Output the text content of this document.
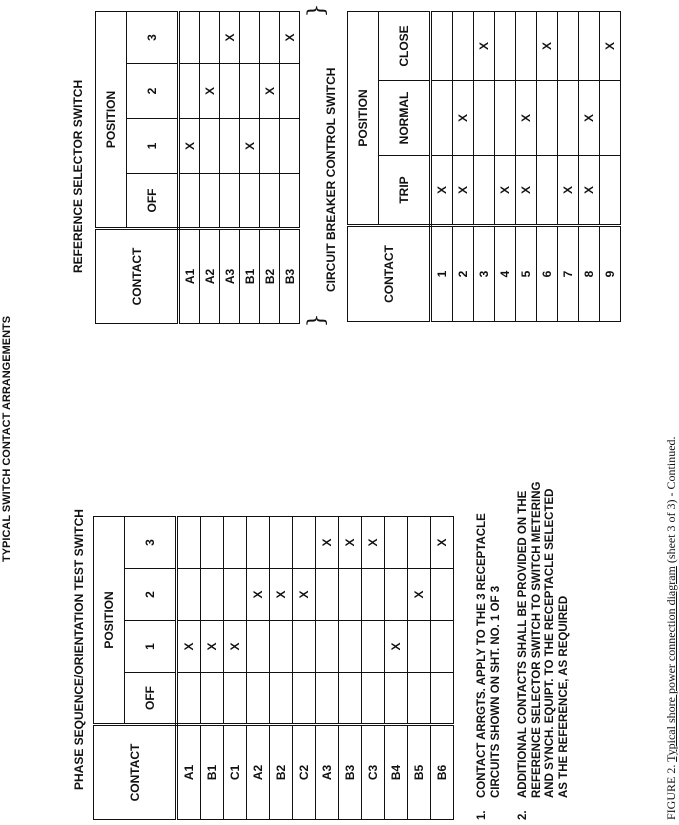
TYPICAL SWITCH CONTACT ARRANGEMENTS
PHASE SEQUENCE/ORIENTATION TEST SWITCH	CONTACT	POSITION			
	OFF	1	2	3
A1		X		
B1		X		
C1		X		
A2			X	
B2			X	
C2			X	
A3				X
B3				X
C3				X
B4		X		
B5			X	
B6				X
1.
CONTACT ARRGTS. APPLY TO THE 3 RECEPTACLE CIRCUITS SHOWN ON SHT. NO. 1 OF 3
2.
ADDITIONAL CONTACTS SHALL BE PROVIDED ON THE REFERENCE SELECTOR SWITCH TO SWITCH METERING AND SYNCH. EQUIPT. TO THE RECEPTACLE SELECTED AS THE REFERENCE, AS REQUIRED
REFERENCE SELECTOR SWITCH
CONTACT	POSITION			
	OFF	1	2	3
A1		X		
A2			X	
A3				X
B1		X		
B2			X	
B3				X
CIRCUIT BREAKER CONTROL SWITCH	CONTACT	POSITION		
	TRIP	NORMAL	CLOSE
1	X		
2	X	X	
3			X
4	X		
5	X	X	
6			X
7	X		
8	X	X	
9			X
}
}
FIGURE 2. Typical shore power connection diagram (sheet 3 of 3) - Continued.
